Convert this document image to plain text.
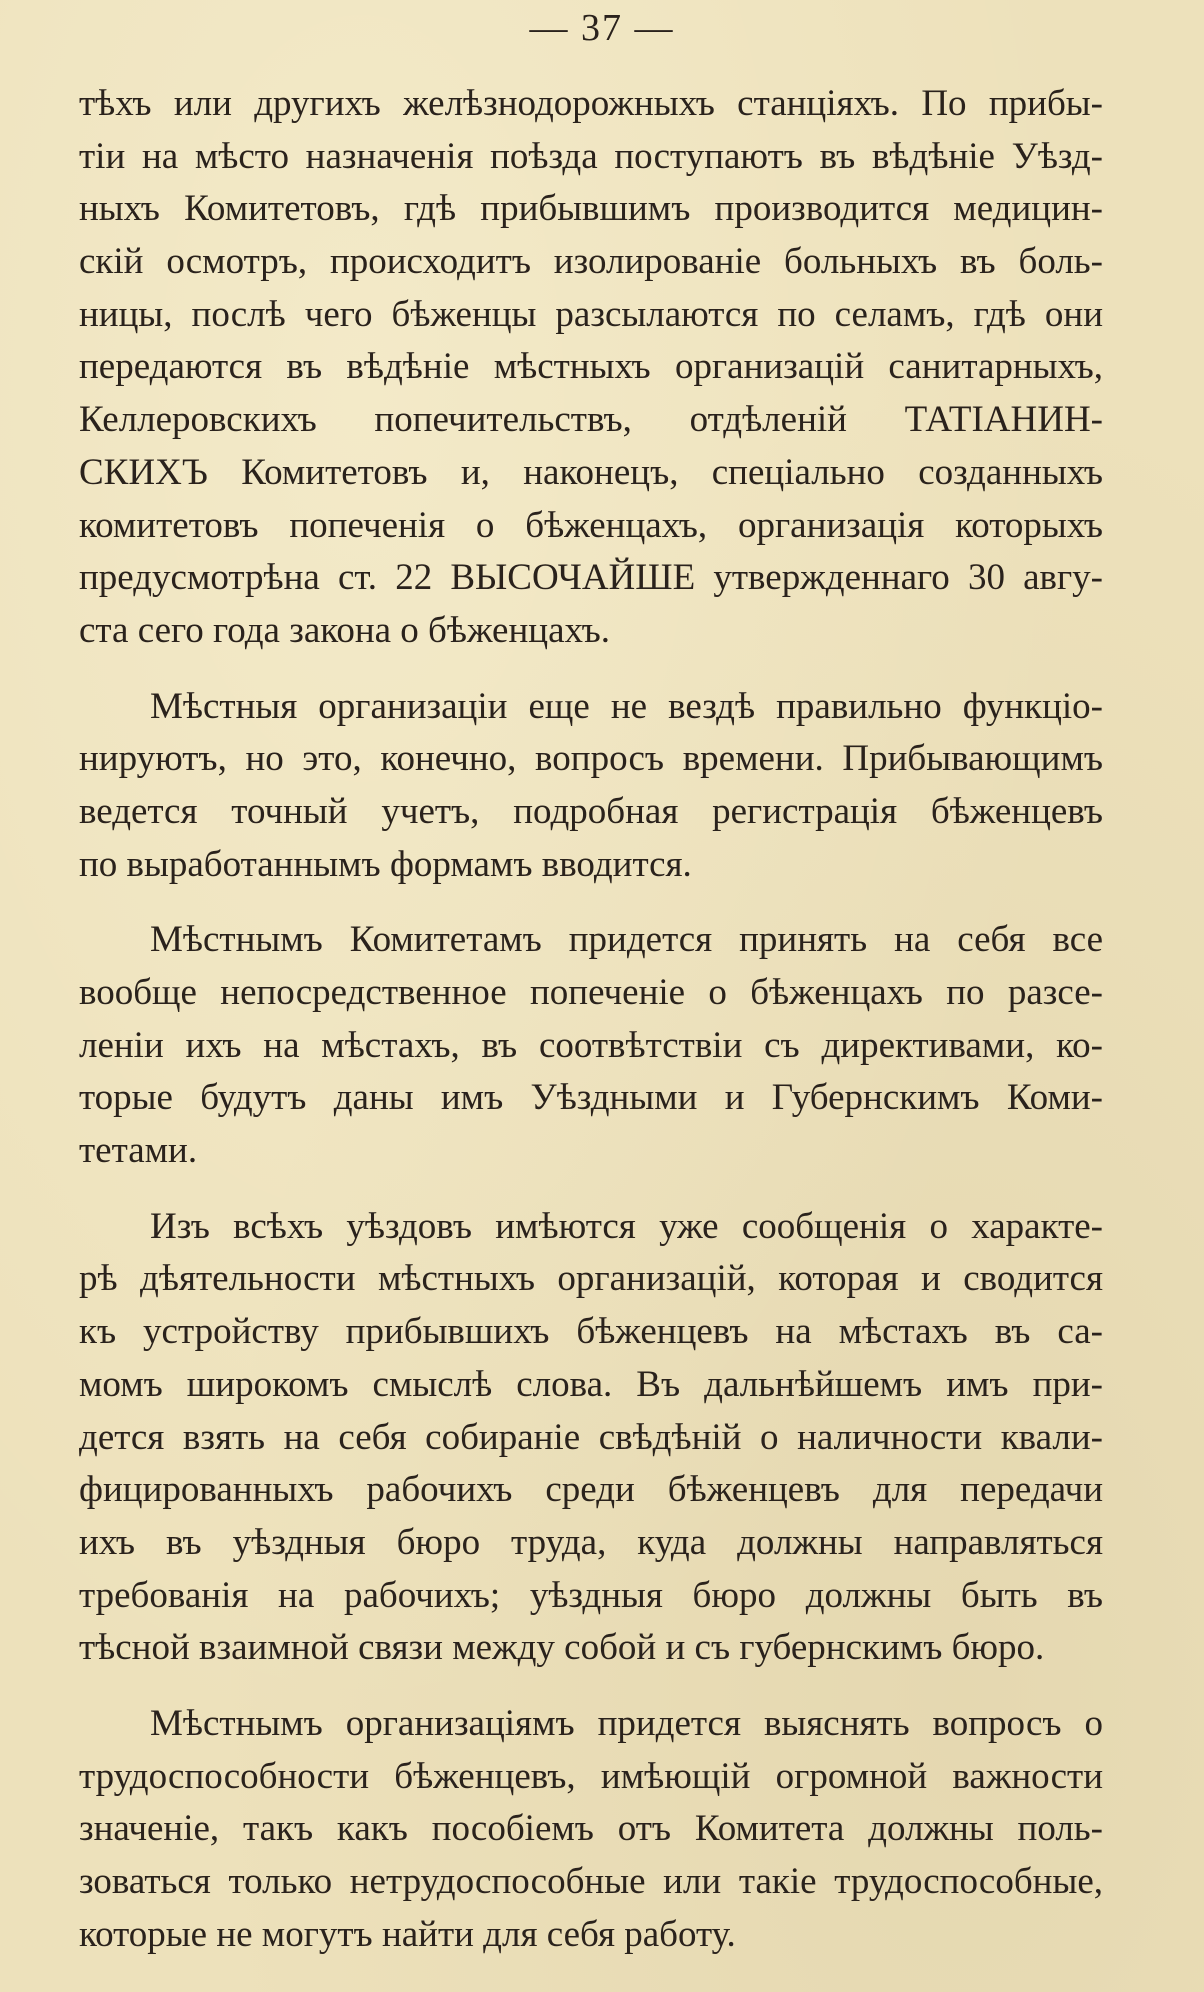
— 37 —
тѣхъ или другихъ желѣзнодорожныхъ станціяхъ. По прибы-
тіи на мѣсто назначенія поѣзда поступаютъ въ вѣдѣніе Уѣзд-
ныхъ Комитетовъ, гдѣ прибывшимъ производится медицин-
скій осмотръ, происходитъ изолированіе больныхъ въ боль-
ницы, послѣ чего бѣженцы разсылаются по селамъ, гдѣ они
передаются въ вѣдѣніе мѣстныхъ организацій санитарныхъ,
Келлеровскихъ попечительствъ, отдѣленій ТАТІАНИН-
СКИХЪ Комитетовъ и, наконецъ, спеціально созданныхъ
комитетовъ попеченія о бѣженцахъ, организація которыхъ
предусмотрѣна ст. 22 ВЫСОЧАЙШЕ утвержденнаго 30 авгу-
ста сего года закона о бѣженцахъ.
Мѣстныя организаціи еще не вездѣ правильно функціо-
нируютъ, но это, конечно, вопросъ времени. Прибывающимъ
ведется точный учетъ, подробная регистрація бѣженцевъ
по выработаннымъ формамъ вводится.
Мѣстнымъ Комитетамъ придется принять на себя все
вообще непосредственное попеченіе о бѣженцахъ по разсе-
леніи ихъ на мѣстахъ, въ соотвѣтствіи съ директивами, ко-
торые будутъ даны имъ Уѣздными и Губернскимъ Коми-
тетами.
Изъ всѣхъ уѣздовъ имѣются уже сообщенія о характе-
рѣ дѣятельности мѣстныхъ организацій, которая и сводится
къ устройству прибывшихъ бѣженцевъ на мѣстахъ въ са-
момъ широкомъ смыслѣ слова. Въ дальнѣйшемъ имъ при-
дется взять на себя собираніе свѣдѣній о наличности квали-
фицированныхъ рабочихъ среди бѣженцевъ для передачи
ихъ въ уѣздныя бюро труда, куда должны направляться
требованія на рабочихъ; уѣздныя бюро должны быть въ
тѣсной взаимной связи между собой и съ губернскимъ бюро.
Мѣстнымъ организаціямъ придется выяснять вопросъ о
трудоспособности бѣженцевъ, имѣющій огромной важности
значеніе, такъ какъ пособіемъ отъ Комитета должны поль-
зоваться только нетрудоспособные или такіе трудоспособные,
которые не могутъ найти для себя работу.
